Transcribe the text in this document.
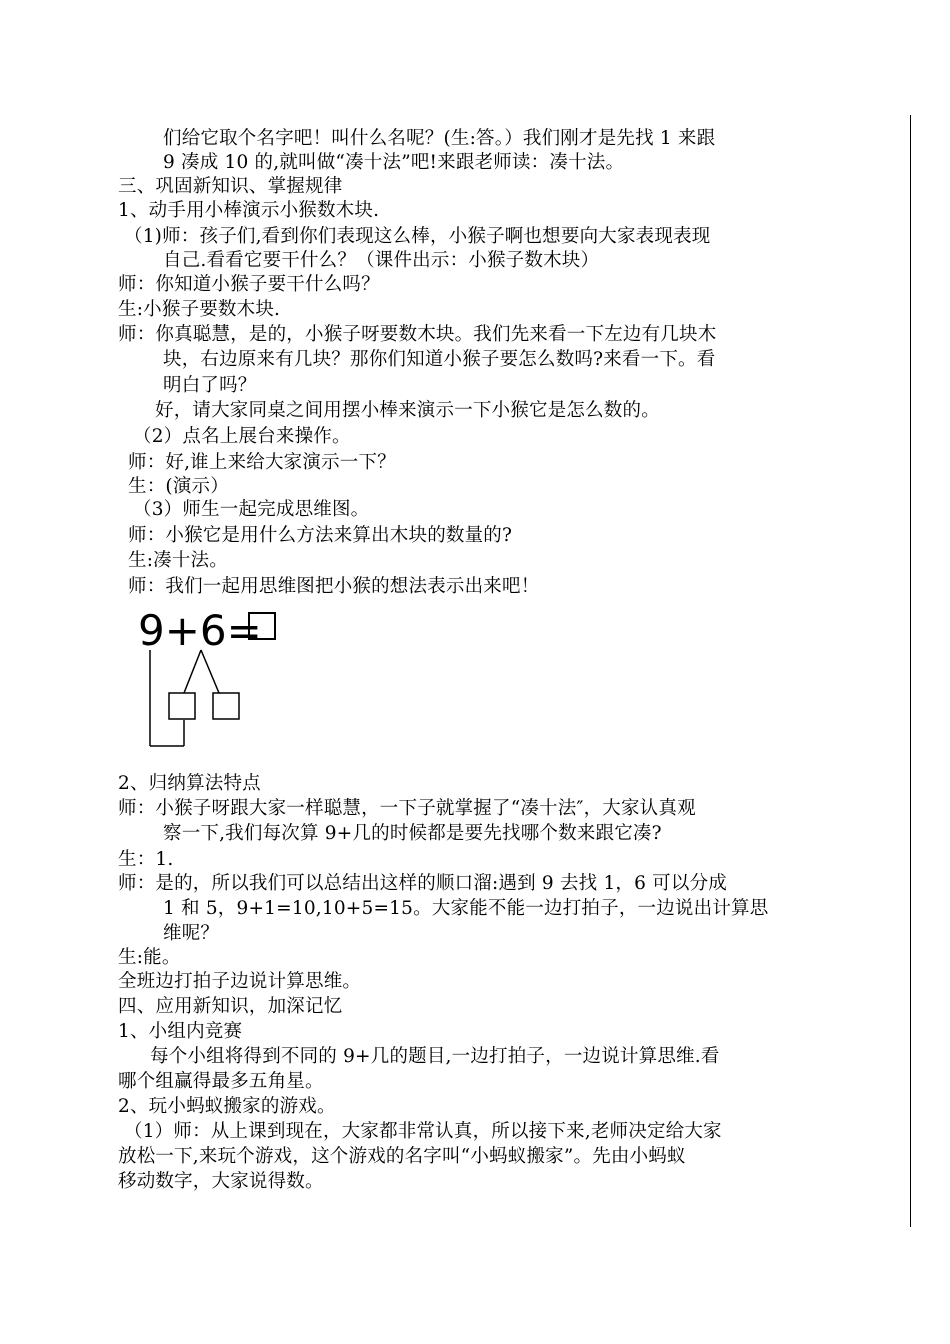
们给它取个名字吧！叫什么名呢？(生:答。）我们刚才是先找 1 来跟
9 凑成 10 的,就叫做“凑十法”吧!来跟老师读：凑十法。
三、巩固新知识、掌握规律
1、动手用小棒演示小猴数木块.
（1)师：孩子们,看到你们表现这么棒，小猴子啊也想要向大家表现表现
自己.看看它要干什么？（课件出示：小猴子数木块）
师：你知道小猴子要干什么吗？
生:小猴子要数木块.
师：你真聪慧，是的，小猴子呀要数木块。我们先来看一下左边有几块木
块，右边原来有几块？那你们知道小猴子要怎么数吗?来看一下。看
明白了吗？
好，请大家同桌之间用摆小棒来演示一下小猴它是怎么数的。
（2）点名上展台来操作。
师：好,谁上来给大家演示一下？
生：(演示）
（3）师生一起完成思维图。
师：小猴它是用什么方法来算出木块的数量的?
生:凑十法。
师：我们一起用思维图把小猴的想法表示出来吧！
9+6=
2、归纳算法特点
师：小猴子呀跟大家一样聪慧，一下子就掌握了“凑十法″，大家认真观
察一下,我们每次算 9+几的时候都是要先找哪个数来跟它凑?
生：1.
师：是的，所以我们可以总结出这样的顺口溜:遇到 9 去找 1，6 可以分成
1 和 5，9+1=10,10+5=15。大家能不能一边打拍子，一边说出计算思
维呢？
生:能。
全班边打拍子边说计算思维。
四、应用新知识，加深记忆
1、小组内竞赛
每个小组将得到不同的 9+几的题目,一边打拍子，一边说计算思维.看
哪个组赢得最多五角星。
2、玩小蚂蚁搬家的游戏。
（1）师：从上课到现在，大家都非常认真，所以接下来,老师决定给大家
放松一下,来玩个游戏，这个游戏的名字叫“小蚂蚁搬家”。先由小蚂蚁
移动数字，大家说得数。
